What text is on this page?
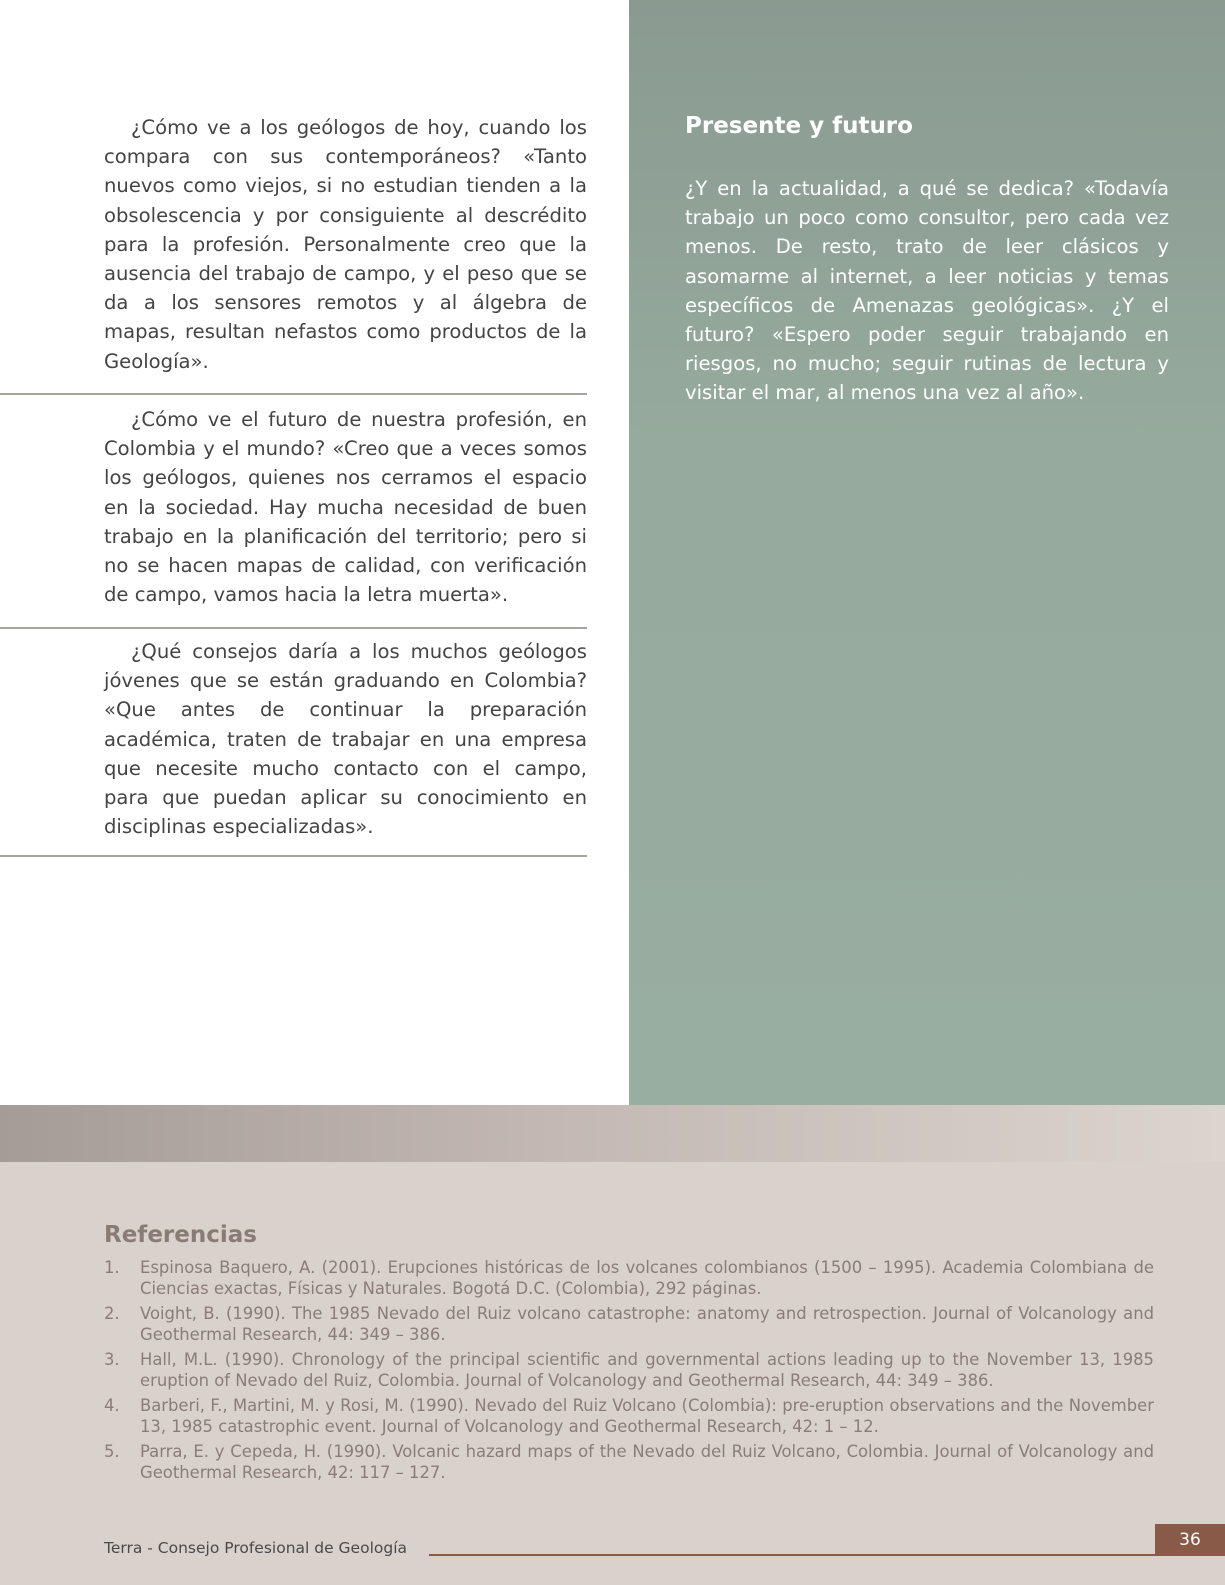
¿Cómo ve a los geólogos de hoy, cuando los compara con sus contemporáneos? «Tanto nuevos como viejos, si no estudian tienden a la obsolescencia y por consiguiente al descrédito para la profesión. Personalmente creo que la ausencia del trabajo de campo, y el peso que se da a los sensores remotos y al álgebra de mapas, resultan nefastos como productos de la Geología».

¿Cómo ve el futuro de nuestra profesión, en Colombia y el mundo? «Creo que a veces somos los geólogos, quienes nos cerramos el espacio en la sociedad. Hay mucha necesidad de buen trabajo en la planificación del territorio; pero si no se hacen mapas de calidad, con verificación de campo, vamos hacia la letra muerta».

¿Qué consejos daría a los muchos geólogos jóvenes que se están graduando en Colombia? «Que antes de continuar la preparación académica, traten de trabajar en una empresa que necesite mucho contacto con el campo, para que puedan aplicar su conocimiento en disciplinas especializadas».

Presente y futuro

¿Y en la actualidad, a qué se dedica? «Todavía trabajo un poco como consultor, pero cada vez menos. De resto, trato de leer clásicos y asomarme al internet, a leer noticias y temas específicos de Amenazas geológicas». ¿Y el futuro? «Espero poder seguir trabajando en riesgos, no mucho; seguir rutinas de lectura y visitar el mar, al menos una vez al año».

Referencias
1.	Espinosa Baquero, A. (2001). Erupciones históricas de los volcanes colombianos (1500 – 1995). Academia Colombiana de Ciencias exactas, Físicas y Naturales. Bogotá D.C. (Colombia), 292 páginas.
2.	Voight, B. (1990). The 1985 Nevado del Ruiz volcano catastrophe: anatomy and retrospection. Journal of Volcanology and Geothermal Research, 44: 349 – 386.
3.	Hall, M.L. (1990). Chronology of the principal scientific and governmental actions leading up to the November 13, 1985 eruption of Nevado del Ruiz, Colombia. Journal of Volcanology and Geothermal Research, 44: 349 – 386.
4.	Barberi, F., Martini, M. y Rosi, M. (1990). Nevado del Ruiz Volcano (Colombia): pre-eruption observations and the November 13, 1985 catastrophic event. Journal of Volcanology and Geothermal Research, 42: 1 – 12.
5.	Parra, E. y Cepeda, H. (1990). Volcanic hazard maps of the Nevado del Ruiz Volcano, Colombia. Journal of Volcanology and Geothermal Research, 42: 117 – 127.
Terra - Consejo Profesional de Geología	36
